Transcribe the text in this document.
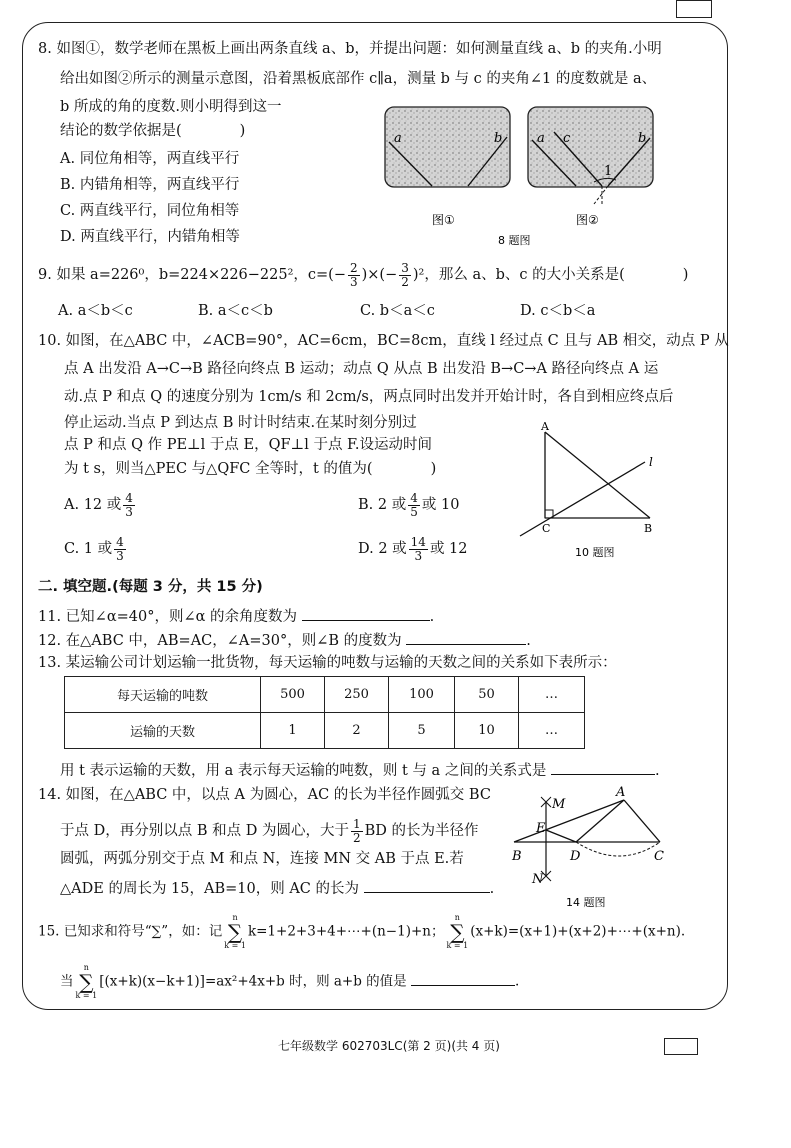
8. 如图①，数学老师在黑板上画出两条直线 a、b，并提出问题：如何测量直线 a、b 的夹角.小明
给出如图②所示的测量示意图，沿着黑板底部作 c∥a，测量 b 与 c 的夹角∠1 的度数就是 a、
b 所成的角的度数.则小明得到这一
结论的数学依据是(　　　　)
A. 同位角相等，两直线平行
B. 内错角相等，两直线平行
C. 两直线平行，同位角相等
D. 两直线平行，内错角相等
a	b	a c	b
1
图①	图②
8 题图
9. 如果 a=226⁰，b=224×226−225²，$c=(- \frac{2}{3}$ )×(− $\frac{3}{2} )^2$，那么 a、b、c 的大小关系是(　　　　)
A. a＜b＜c	B. a＜c＜b	C. b＜a＜c	D. c＜b＜a
10. 如图，在△ABC 中，∠ACB=90°，AC=6cm，BC=8cm，直线 l 经过点 C 且与 AB 相交，动点 P 从
点 A 出发沿 A→C→B 路径向终点 B 运动；动点 Q 从点 B 出发沿 B→C→A 路径向终点 A 运
动.点 P 和点 Q 的速度分别为 1cm/s 和 2cm/s，两点同时出发并开始计时，各自到相应终点后
停止运动.当点 P 到达点 B 时计时结束.在某时刻分别过
点 P 和点 Q 作 PE⊥l 于点 E，QF⊥l 于点 F.设运动时间
为 t s，则当△PEC 与△QFC 全等时，t 的值为(　　　　)
A. 12 或 $\frac{4}{3}$	B. 2 或 $\frac{4}{5}$ 或 10
C. 1 或 $\frac{4}{3}$	D. 2 或 $\frac{14}{3}$ 或 12
A
C	B
l
10 题图
二. 填空题.(每题 3 分，共 15 分)
11. 已知∠α=40°，则∠α 的余角度数为	.
12. 在△ABC 中，AB=AC，∠A=30°，则∠B 的度数为	.
13. 某运输公司计划运输一批货物，每天运输的吨数与运输的天数之间的关系如下表所示：
每天运输的吨数	500	250	100	50	…
运输的天数	1	2	5	10	…
用 t 表示运输的天数，用 a 表示每天运输的吨数，则 t 与 a 之间的关系式是	.
14. 如图，在△ABC 中，以点 A 为圆心，AC 的长为半径作圆弧交 BC
于点 D，再分别以点 B 和点 D 为圆心，大于 $\frac{1}{2}$ BD 的长为半径作
圆弧，两弧分别交于点 M 和点 N，连接 MN 交 AB 于点 E.若
△ADE 的周长为 15，AB=10，则 AC 的长为	.
A
M
E
B	D	C
N
14 题图
15. 已知求和符号“∑”，如：记
n
∑
k = 1
k=1+2+3+4+⋯+(n−1)+n；
n
∑
k = 1
(x+k)=(x+1)+(x+2)+⋯+(x+n).
当
n
∑
k = 1
[(x+k)(x−k+1)]=ax²+4x+b 时，则 a+b 的值是	.
七年级数学 602703LC(第 2 页)(共 4 页)
